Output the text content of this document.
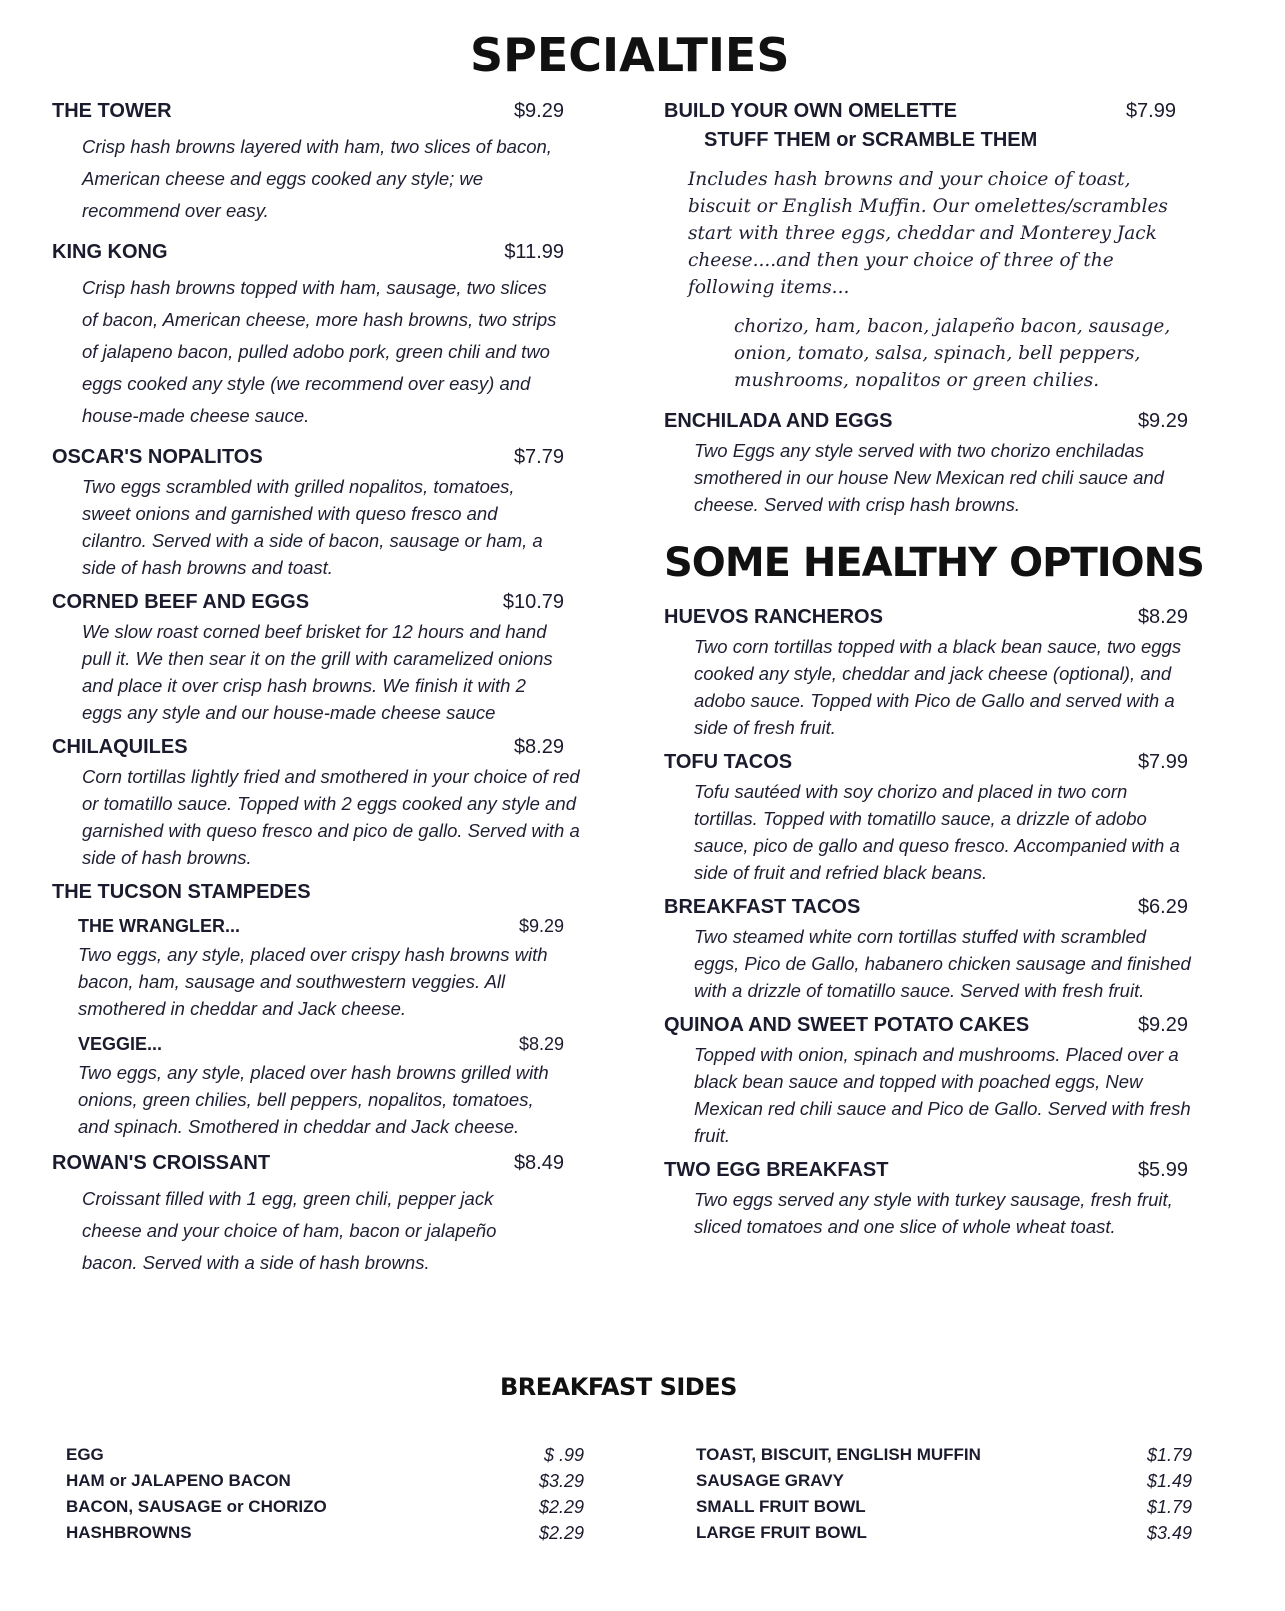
SPECIALTIES
THE TOWER	$9.29

Crisp hash browns layered with ham, two slices of bacon, American cheese and eggs cooked any style; we recommend over easy.

KING KONG	$11.99

Crisp hash browns topped with ham, sausage, two slices of bacon, American cheese, more hash browns, two strips of jalapeno bacon, pulled adobo pork, green chili and two eggs cooked any style (we recommend over easy) and house-made cheese sauce.

OSCAR'S NOPALITOS	$7.79

Two eggs scrambled with grilled nopalitos, tomatoes, sweet onions and garnished with queso fresco and cilantro. Served with a side of bacon, sausage or ham, a side of hash browns and toast.

CORNED BEEF AND EGGS	$10.79

We slow roast corned beef brisket for 12 hours and hand pull it. We then sear it on the grill with caramelized onions and place it over crisp hash browns. We finish it with 2 eggs any style and our house-made cheese sauce

CHILAQUILES	$8.29

Corn tortillas lightly fried and smothered in your choice of red or tomatillo sauce. Topped with 2 eggs cooked any style and garnished with queso fresco and pico de gallo. Served with a side of hash browns.

THE TUCSON STAMPEDES
THE WRANGLER...	$9.29

Two eggs, any style, placed over crispy hash browns with bacon, ham, sausage and southwestern veggies. All smothered in cheddar and Jack cheese.

VEGGIE...	$8.29

Two eggs, any style, placed over hash browns grilled with onions, green chilies, bell peppers, nopalitos, tomatoes, and spinach. Smothered in cheddar and Jack cheese.

ROWAN'S CROISSANT	$8.49

Croissant filled with 1 egg, green chili, pepper jack cheese and your choice of ham, bacon or jalapeño bacon. Served with a side of hash browns.

BUILD YOUR OWN OMELETTE	$7.99
STUFF THEM or SCRAMBLE THEM

Includes hash browns and your choice of toast, biscuit or English Muffin. Our omelettes/scrambles start with three eggs, cheddar and Monterey Jack cheese....and then your choice of three of the following items...

chorizo, ham, bacon, jalapeño bacon, sausage, onion, tomato, salsa, spinach, bell peppers, mushrooms, nopalitos or green chilies.
ENCHILADA AND EGGS	$9.29

Two Eggs any style served with two chorizo enchiladas smothered in our house New Mexican red chili sauce and cheese. Served with crisp hash browns.

SOME HEALTHY OPTIONS
HUEVOS RANCHEROS	$8.29

Two corn tortillas topped with a black bean sauce, two eggs cooked any style, cheddar and jack cheese (optional), and adobo sauce. Topped with Pico de Gallo and served with a side of fresh fruit.

TOFU TACOS	$7.99

Tofu sautéed with soy chorizo and placed in two corn tortillas. Topped with tomatillo sauce, a drizzle of adobo sauce, pico de gallo and queso fresco. Accompanied with a side of fruit and refried black beans.

BREAKFAST TACOS	$6.29

Two steamed white corn tortillas stuffed with scrambled eggs, Pico de Gallo, habanero chicken sausage and finished with a drizzle of tomatillo sauce. Served with fresh fruit.

QUINOA AND SWEET POTATO CAKES	$9.29

Topped with onion, spinach and mushrooms. Placed over a black bean sauce and topped with poached eggs, New Mexican red chili sauce and Pico de Gallo. Served with fresh fruit.

TWO EGG BREAKFAST	$5.99

Two eggs served any style with turkey sausage, fresh fruit, sliced tomatoes and one slice of whole wheat toast.

BREAKFAST SIDES
EGG	$ .99
HAM or JALAPENO BACON	$3.29
BACON, SAUSAGE or CHORIZO	$2.29
HASHBROWNS	$2.29
TOAST, BISCUIT, ENGLISH MUFFIN	$1.79
SAUSAGE GRAVY	$1.49
SMALL FRUIT BOWL	$1.79
LARGE FRUIT BOWL	$3.49
